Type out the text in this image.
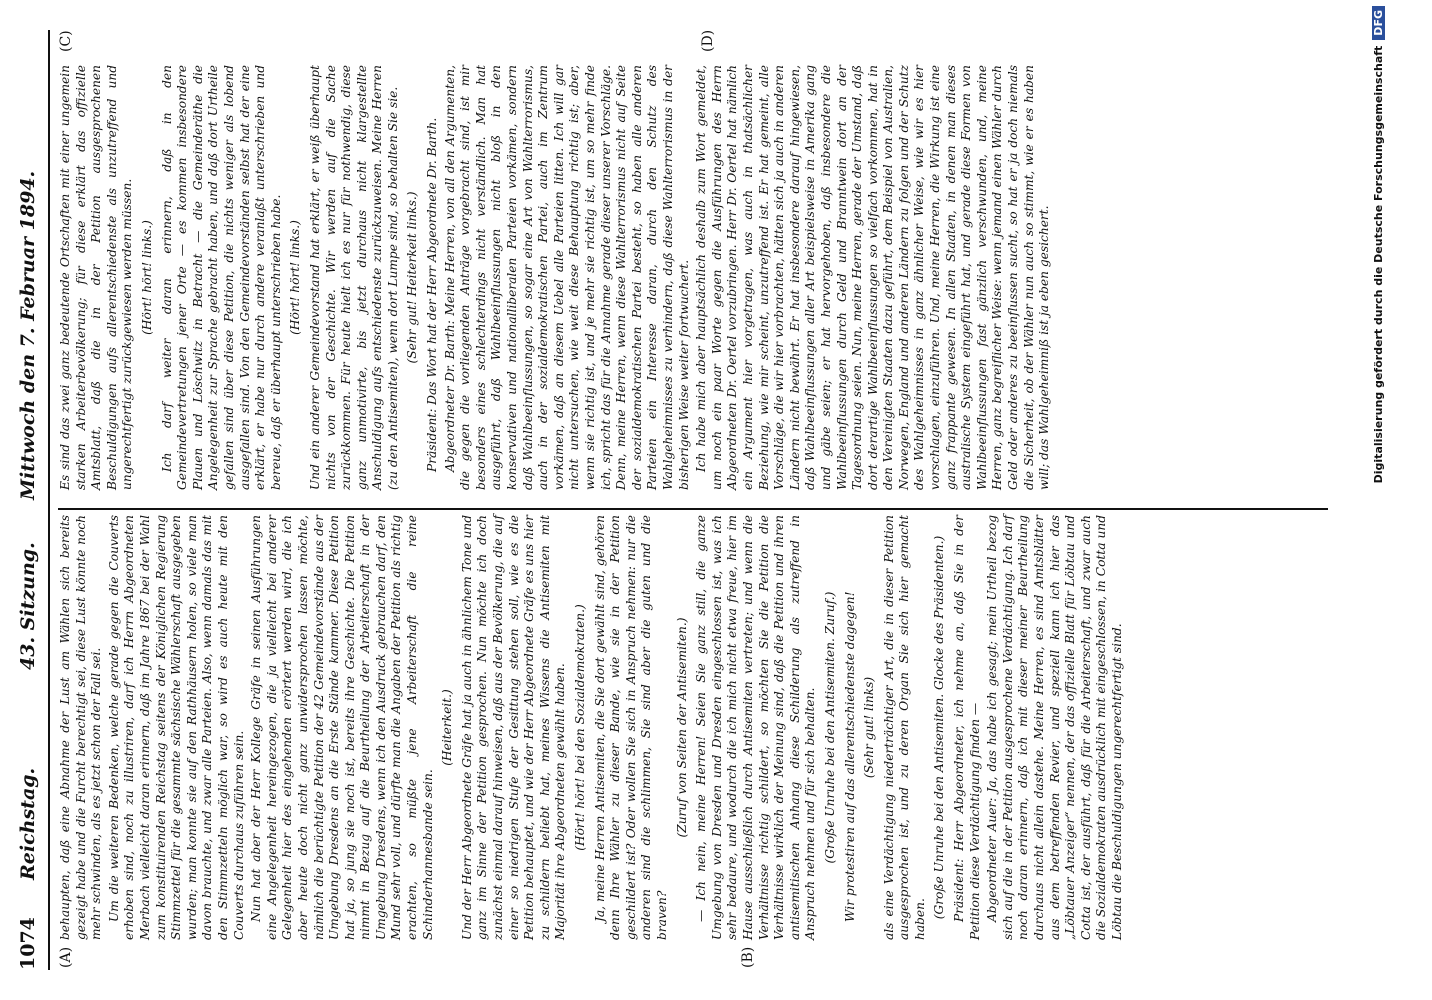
1074
Reichstag.
43. Sitzung.
Mittwoch den 7. Februar 1894.
(A)	(B)
(C)	(D)

behaupten, daß eine Abnahme der Lust am Wählen sich bereits gezeigt habe und die Furcht berechtigt sei, diese Lust könnte noch mehr schwinden, als es jetzt schon der Fall sei. Um die weiteren Bedenken, welche gerade gegen die Couverts erhoben sind, noch zu illustriren, darf ich Herrn Abgeordneten Merbach vielleicht daran erinnern, daß im Jahre 1867 bei der Wahl zum konstituirenden Reichstag seitens der Königlichen Regierung Stimmzettel für die gesammte sächsische Wählerschaft ausgegeben wurden; man konnte sie auf den Rathhäusern holen, so viele man davon brauchte, und zwar alle Parteien. Also, wenn damals das mit den Stimmzetteln möglich war, so wird es auch heute mit den Couverts durchaus zuführen sein. Nun hat aber der Herr Kollege Gräfe in seinen Ausführungen eine Angelegenheit hereingezogen, die ja vielleicht bei anderer Gelegenheit hier des eingehenden erörtert werden wird, die ich aber heute doch nicht ganz unwidersprochen lassen möchte, nämlich die berüchtigte Petition der 42 Gemeindevorstände aus der Umgebung Dresdens an die Erste Stände kammer. Diese Petition hat ja, so jung sie noch ist, bereits ihre Geschichte. Die Petition nimmt in Bezug auf die Beurtheilung der Arbeiterschaft in der Umgebung Dresdens, wenn ich den Ausdruck gebrauchen darf, den Mund sehr voll, und dürfte man die Angaben der Petition als richtig erachten, so müßte jene Arbeiterschaft die reine Schinderhannesbande sein.

(Heiterkeit.) Und der Herr Abgeordnete Gräfe hat ja auch in ähnlichem Tone und ganz im Sinne der Petition gesprochen. Nun möchte ich doch zunächst einmal darauf hinweisen, daß aus der Bevölkerung, die auf einer so niedrigen Stufe der Gesittung stehen soll, wie es die Petition behauptet, und wie der Herr Abgeordnete Gräfe es uns hier zu schildern beliebt hat, meines Wissens die Antisemiten mit Majorität ihre Abgeordneten gewählt haben. (Hört! hört! bei den Sozialdemokraten.) Ja, meine Herren Antisemiten, die Sie dort gewählt sind, gehören denn Ihre Wähler zu dieser Bande, wie sie in der Petition geschildert ist? Oder wollen Sie sich in Anspruch nehmen: nur die anderen sind die schlimmen, Sie sind aber die guten und die braven?

(Zuruf von Seiten der Antisemiten.) — Ich nein, meine Herren! Seien Sie ganz still, die ganze Umgebung von Dresden und Dresden eingeschlossen ist, was ich sehr bedaure, und wodurch die ich mich nicht etwa freue, hier im Hause ausschließlich durch Antisemiten vertreten; und wenn die Verhältnisse richtig schildert, so möchten Sie die Petition die Verhältnisse wirklich der Meinung sind, daß die Petition und ihren antisemitischen Anhang diese Schilderung als zutreffend in Anspruch nehmen und für sich behalten. (Große Unruhe bei den Antisemiten. Zuruf.) Wir protestiren auf das allerentschiedenste dagegen! (Sehr gut! links) als eine Verdächtigung niederträchtiger Art, die in dieser Petition ausgesprochen ist, und zu deren Organ Sie sich hier gemacht haben. (Große Unruhe bei den Antisemiten. Glocke des Präsidenten.) Präsident: Herr Abgeordneter, ich nehme an, daß Sie in der Petition diese Verdächtigung finden — Abgeordneter Auer: Ja, das habe ich gesagt; mein Urtheil bezog sich auf die in der Petition ausgesprochene Verdächtigung. Ich darf noch daran erinnern, daß ich mit dieser meiner Beurtheilung durchaus nicht allein dastehe. Meine Herren, es sind Amtsblätter aus dem betreffenden Revier, und speziell kann ich hier das „Löbtauer Anzeiger“ nennen, der das offizielle Blatt für Löbtau und Cotta ist, der ausführt, daß für die Arbeiterschaft, und zwar auch die Sozialdemokraten ausdrücklich mit eingeschlossen, in Cotta und Löbtau die Beschuldigungen ungerechtfertigt sind.

Es sind das zwei ganz bedeutende Ortschaften mit einer ungemein starken Arbeiterbevölkerung; für diese erklärt das offizielle Amtsblatt, daß die in der Petition ausgesprochenen Beschuldigungen aufs allerentschiedenste als unzutreffend und ungerechtfertigt zurückgewiesen werden müssen. (Hört! hört! links.) Ich darf weiter daran erinnern, daß in den Gemeindevertretungen jener Orte — es kommen insbesondere Plauen und Löschwitz in Betracht — die Gemeinderäthe die Angelegenheit zur Sprache gebracht haben, und daß dort Urtheile gefallen sind über diese Petition, die nichts weniger als lobend ausgefallen sind. Von den Gemeindevorständen selbst hat der eine erklärt, er habe nur durch andere veranlaßt unterschrieben und bereue, daß er überhaupt unterschrieben habe. (Hört! hört! links.) Und ein anderer Gemeindevorstand hat erklärt, er weiß überhaupt nichts von der Geschichte. Wir werden auf die Sache zurückkommen. Für heute hielt ich es nur für nothwendig, diese ganz unmotivirte, bis jetzt durchaus nicht klargestellte Anschuldigung aufs entschiedenste zurückzuweisen. Meine Herren (zu den Antisemiten), wenn dort Lumpe sind, so behalten Sie sie. (Sehr gut! Heiterkeit links.) Präsident: Das Wort hat der Herr Abgeordnete Dr. Barth. Abgeordneter Dr. Barth: Meine Herren, von all den Argumenten, die gegen die vorliegenden Anträge vorgebracht sind, ist mir besonders eines schlechterdings nicht verständlich. Man hat ausgeführt, daß Wahlbeeinflussungen nicht bloß in den konservativen und nationalliberalen Parteien vorkämen, sondern daß Wahlbeeinflussungen, so sogar eine Art von Wahlterrorismus, auch in der sozialdemokratischen Partei, auch im Zentrum vorkämen, daß an diesem Uebel alle Parteien litten. Ich will gar nicht untersuchen, wie weit diese Behauptung richtig ist; aber, wenn sie richtig ist, und je mehr sie richtig ist, um so mehr finde ich, spricht das für die Annahme gerade dieser unserer Vorschläge. Denn, meine Herren, wenn diese Wahlterrorismus nicht auf Seite der sozialdemokratischen Partei besteht, so haben alle anderen Parteien ein Interesse daran, durch den Schutz des Wahlgeheimnisses zu verhindern, daß diese Wahlterrorismus in der bisherigen Weise weiter fortwuchert. Ich habe mich aber hauptsächlich deshalb zum Wort gemeldet, um noch ein paar Worte gegen die Ausführungen des Herrn Abgeordneten Dr. Oertel vorzubringen. Herr Dr. Oertel hat nämlich ein Argument hier vorgetragen, was auch in thatsächlicher Beziehung, wie mir scheint, unzutreffend ist. Er hat gemeint, alle Vorschläge, die wir hier vorbrachten, hätten sich ja auch in anderen Ländern nicht bewährt. Er hat insbesondere darauf hingewiesen, daß Wahlbeeinflussungen aller Art beispielsweise in Amerika gang und gäbe seien; er hat hervorgehoben, daß insbesondere die Wahlbeeinflussungen durch Geld und Branntwein dort an der Tagesordnung seien. Nun, meine Herren, gerade der Umstand, daß dort derartige Wahlbeeinflussungen so vielfach vorkommen, hat in den Vereinigten Staaten dazu geführt, dem Beispiel von Australien, Norwegen, England und anderen Ländern zu folgen und der Schutz des Wahlgeheimnisses in ganz ähnlicher Weise, wie wir es hier vorschlagen, einzuführen. Und, meine Herren, die Wirkung ist eine ganz frappante gewesen. In allen Staaten, in denen man dieses australische System eingeführt hat, und gerade diese Formen von Wahlbeeinflussungen fast gänzlich verschwunden, und, meine Herren, ganz begreiflicher Weise: wenn jemand einen Wähler durch Geld oder anderes zu beeinflussen sucht, so hat er ja doch niemals die Sicherheit, ob der Wähler nun auch so stimmt, wie er es haben will; das Wahlgeheimniß ist ja eben gesichert.	Digitalisierung gefördert durch die Deutsche ForschungsgemeinschaftDFG
